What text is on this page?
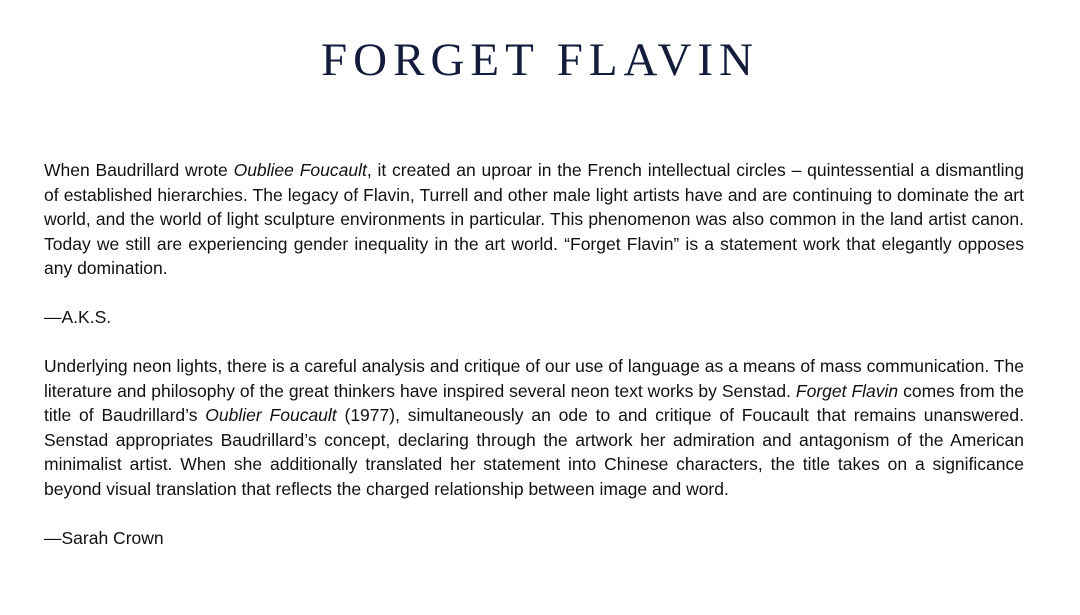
FORGET FLAVIN

When Baudrillard wrote Oubliee Foucault, it created an uproar in the French intellectual circles – quintessential a dismantling of established hierarchies. The legacy of Flavin, Turrell and other male light artists have and are continuing to dominate the art world, and the world of light sculpture environments in particular. This phenomenon was also common in the land artist canon. Today we still are experiencing gender inequality in the art world. “Forget Flavin” is a statement work that elegantly opposes any domination.

—A.K.S.

Underlying neon lights, there is a careful analysis and critique of our use of language as a means of mass communication. The literature and philosophy of the great thinkers have inspired several neon text works by Senstad. Forget Flavin comes from the title of Baudrillard’s Oublier Foucault (1977), simultaneously an ode to and critique of Foucault that remains unanswered. Senstad appropriates Baudrillard’s concept, declaring through the artwork her admiration and antagonism of the American minimalist artist. When she additionally translated her statement into Chinese characters, the title takes on a significance beyond visual translation that reflects the charged relationship between image and word.

—Sarah Crown
